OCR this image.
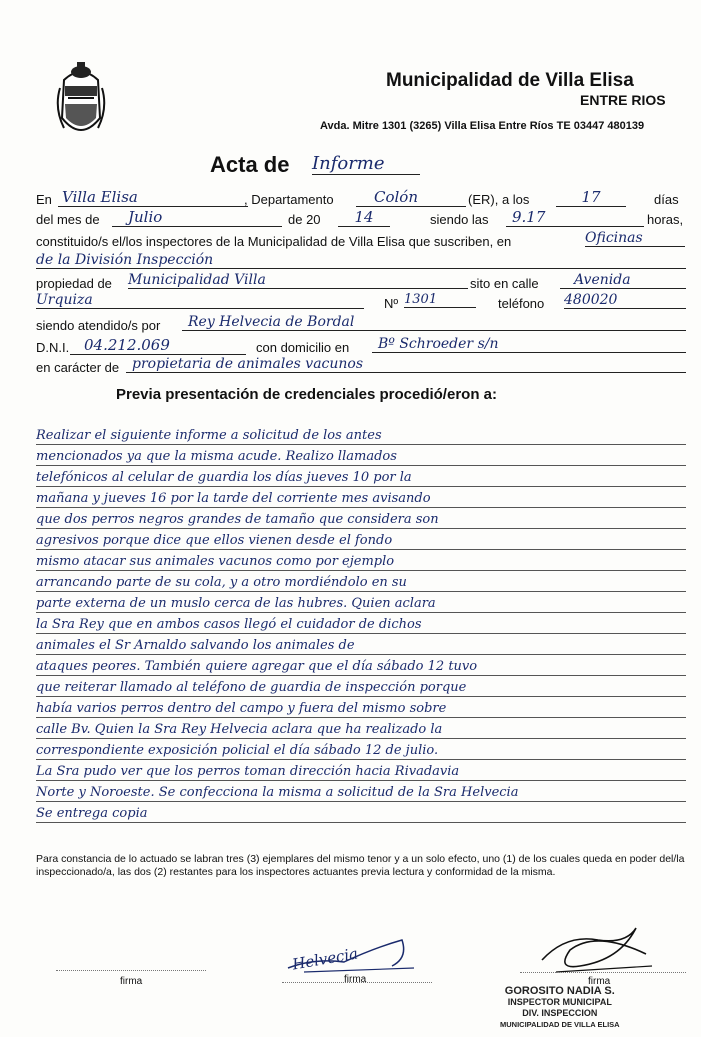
Municipalidad de Villa Elisa
ENTRE RIOS
Avda. Mitre 1301 (3265) Villa Elisa Entre Ríos TE 03447 480139
Acta de Informe
En Villa Elisa	, Departamento	Colón	(ER), a los	17	días
del mes de	Julio	de 20	14	siendo las	9.17	horas,
constituido/s el/los inspectores de la Municipalidad de Villa Elisa que suscriben, en	Oficinas
de la División Inspección
propiedad de Municipalidad Villa	sito en calle	Avenida
Urquiza	Nº 1301	teléfono 480020
siendo atendido/s por	Rey Helvecia de Bordal
D.N.I. 04.212.069	con domicilio en	Bº Schroeder s/n
en carácter de propietaria de animales vacunos
Previa presentación de credenciales procedió/eron a:
Realizar el siguiente informe a solicitud de los antes
mencionados ya que la misma acude. Realizo llamados
telefónicos al celular de guardia los días jueves 10 por la
mañana y jueves 16 por la tarde del corriente mes avisando
que dos perros negros grandes de tamaño que considera son
agresivos porque dice que ellos vienen desde el fondo
mismo atacar sus animales vacunos como por ejemplo
arrancando parte de su cola, y a otro mordiéndolo en su
parte externa de un muslo cerca de las hubres. Quien aclara
la Sra Rey que en ambos casos llegó el cuidador de dichos
animales el Sr Arnaldo salvando los animales de
ataques peores. También quiere agregar que el día sábado 12 tuvo
que reiterar llamado al teléfono de guardia de inspección porque
había varios perros dentro del campo y fuera del mismo sobre
calle Bv. Quien la Sra Rey Helvecia aclara que ha realizado la
correspondiente exposición policial el día sábado 12 de julio.
La Sra pudo ver que los perros toman dirección hacia Rivadavia
Norte y Noroeste. Se confecciona la misma a solicitud de la Sra Helvecia
Se entrega copia
Para constancia de lo actuado se labran tres (3) ejemplares del mismo tenor y a un solo efecto, uno (1) de los cuales queda en poder del/la inspeccionado/a, las dos (2) restantes para los inspectores actuantes previa lectura y conformidad de la misma.
firma
Helvecia
firma	firma
GOROSITO NADIA S.
INSPECTOR MUNICIPAL
DIV. INSPECCION
MUNICIPALIDAD DE VILLA ELISA
